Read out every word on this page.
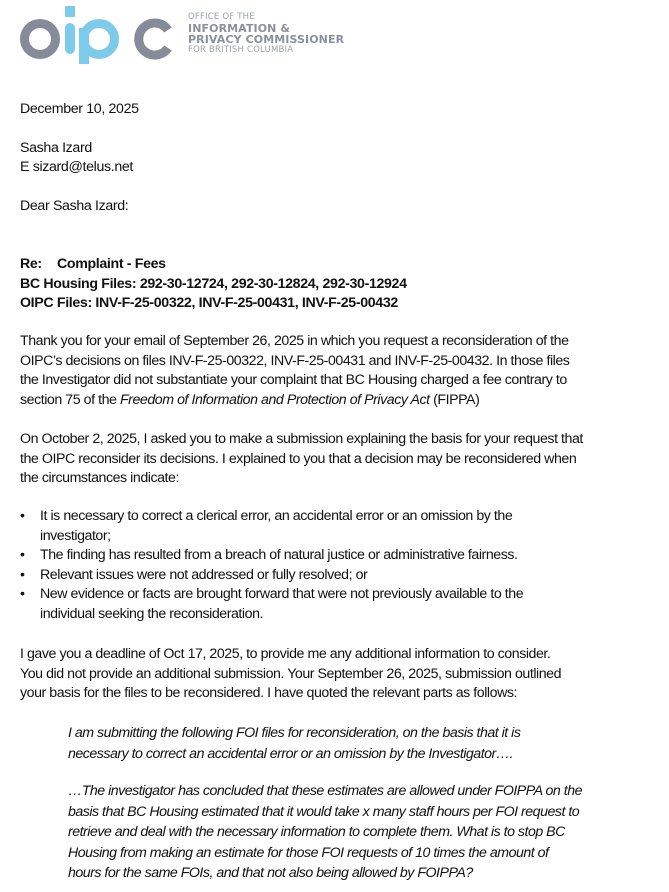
OFFICE OF THE
INFORMATION &
PRIVACY COMMISSIONER
FOR BRITISH COLUMBIA
December 10, 2025
Sasha Izard
E sizard@telus.net
Dear Sasha Izard:
Re:	Complaint - Fees
BC Housing Files: 292-30-12724, 292-30-12824, 292-30-12924
OIPC Files: INV-F-25-00322, INV-F-25-00431, INV-F-25-00432
Thank you for your email of September 26, 2025 in which you request a reconsideration of the
OIPC’s decisions on files INV-F-25-00322, INV-F-25-00431 and INV-F-25-00432. In those files
the Investigator did not substantiate your complaint that BC Housing charged a fee contrary to
section 75 of the Freedom of Information and Protection of Privacy Act (FIPPA)
On October 2, 2025, I asked you to make a submission explaining the basis for your request that
the OIPC reconsider its decisions. I explained to you that a decision may be reconsidered when
the circumstances indicate:
• It is necessary to correct a clerical error, an accidental error or an omission by the
investigator;
• The finding has resulted from a breach of natural justice or administrative fairness.
• Relevant issues were not addressed or fully resolved; or
• New evidence or facts are brought forward that were not previously available to the
individual seeking the reconsideration.
I gave you a deadline of Oct 17, 2025, to provide me any additional information to consider.
You did not provide an additional submission. Your September 26, 2025, submission outlined
your basis for the files to be reconsidered. I have quoted the relevant parts as follows:
I am submitting the following FOI files for reconsideration, on the basis that it is
necessary to correct an accidental error or an omission by the Investigator….
…The investigator has concluded that these estimates are allowed under FOIPPA on the
basis that BC Housing estimated that it would take x many staff hours per FOI request to
retrieve and deal with the necessary information to complete them. What is to stop BC
Housing from making an estimate for those FOI requests of 10 times the amount of
hours for the same FOIs, and that not also being allowed by FOIPPA?
